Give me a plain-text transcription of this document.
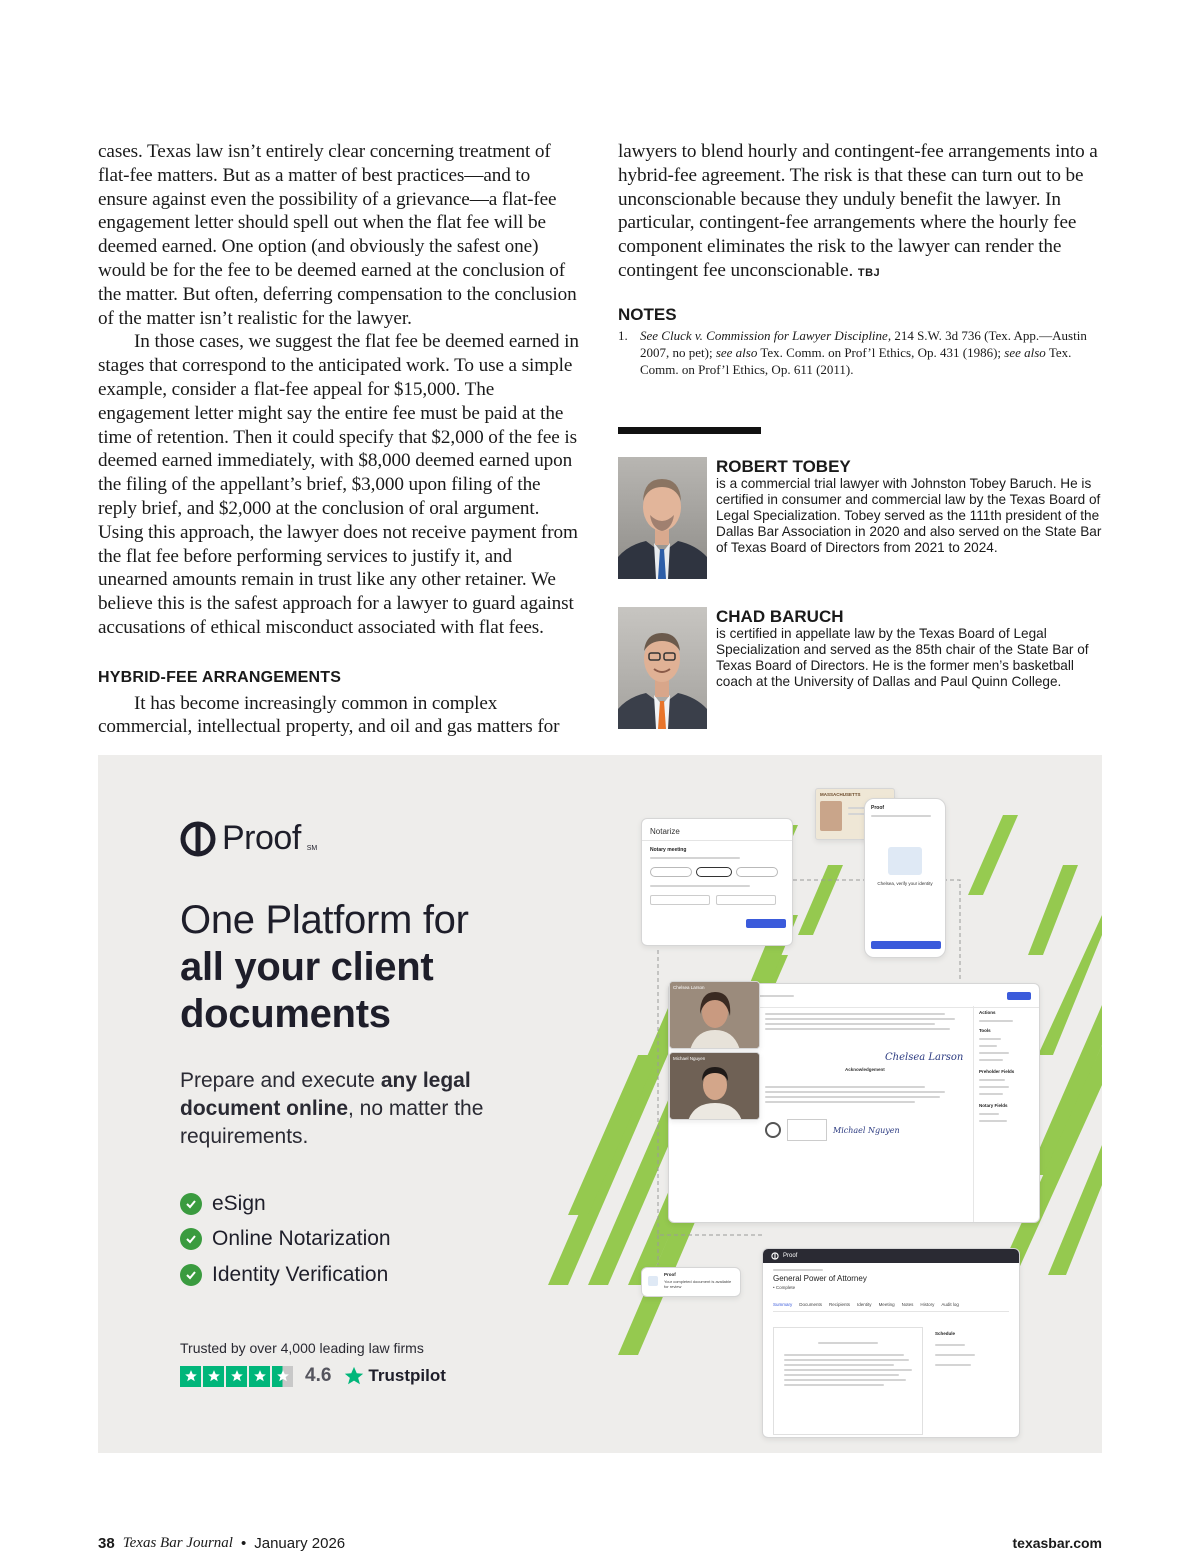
cases. Texas law isn’t entirely clear concerning treatment of flat-fee matters. But as a matter of best practices—and to ensure against even the possibility of a grievance—a flat-fee engagement letter should spell out when the flat fee will be deemed earned. One option (and obviously the safest one) would be for the fee to be deemed earned at the conclusion of the matter. But often, deferring compensation to the conclusion of the matter isn’t realistic for the lawyer.

In those cases, we suggest the flat fee be deemed earned in stages that correspond to the anticipated work. To use a simple example, consider a flat-fee appeal for $15,000. The engagement letter might say the entire fee must be paid at the time of retention. Then it could specify that $2,000 of the fee is deemed earned immediately, with $8,000 deemed earned upon the filing of the appellant’s brief, $3,000 upon filing of the reply brief, and $2,000 at the conclusion of oral argument. Using this approach, the lawyer does not receive payment from the flat fee before performing services to justify it, and unearned amounts remain in trust like any other retainer. We believe this is the safest approach for a lawyer to guard against accusations of ethical misconduct associated with flat fees.

HYBRID-FEE ARRANGEMENTS

It has become increasingly common in complex commercial, intellectual property, and oil and gas matters for

lawyers to blend hourly and contingent-fee arrangements into a hybrid-fee agreement. The risk is that these can turn out to be unconscionable because they unduly benefit the lawyer. In particular, contingent-fee arrangements where the hourly fee component eliminates the risk to the lawyer can render the contingent fee unconscionable. TBJ

NOTES
1. See Cluck v. Commission for Lawyer Discipline, 214 S.W. 3d 736 (Tex. App.—Austin 2007, no pet); see also Tex. Comm. on Prof’l Ethics, Op. 431 (1986); see also Tex. Comm. on Prof’l Ethics, Op. 611 (2011).
ROBERT TOBEY
is a commercial trial lawyer with Johnston Tobey Baruch. He is certified in consumer and commercial law by the Texas Board of Legal Specialization. Tobey served as the 111th president of the Dallas Bar Association in 2020 and also served on the State Bar of Texas Board of Directors from 2021 to 2024.
CHAD BARUCH
is certified in appellate law by the Texas Board of Legal Specialization and served as the 85th chair of the State Bar of Texas Board of Directors. He is the former men’s basketball coach at the University of Dallas and Paul Quinn College.
Proof SM
One Platform for
all your client
documents
Prepare and execute any legal document online, no matter the requirements.
eSign
Online Notarization
Identity Verification
Trusted by over 4,000 leading law firms
4.6 Trustpilot
Notarize
Notary meeting
MASSACHUSETTS
Proof
Chelsea, verify your identity
Chelsea Larson
Acknowledgement
Michael Nguyen
Actions
Tools
Preholder Fields
Notary Fields
Chelsea Larson
Michael Nguyen
Proof
Your completed document is available for review
Proof
General Power of Attorney
• Complete
Summary Documents Recipients Identity Meeting Notes History Audit log
Schedule
38 Texas Bar Journal • January 2026	texasbar.com
